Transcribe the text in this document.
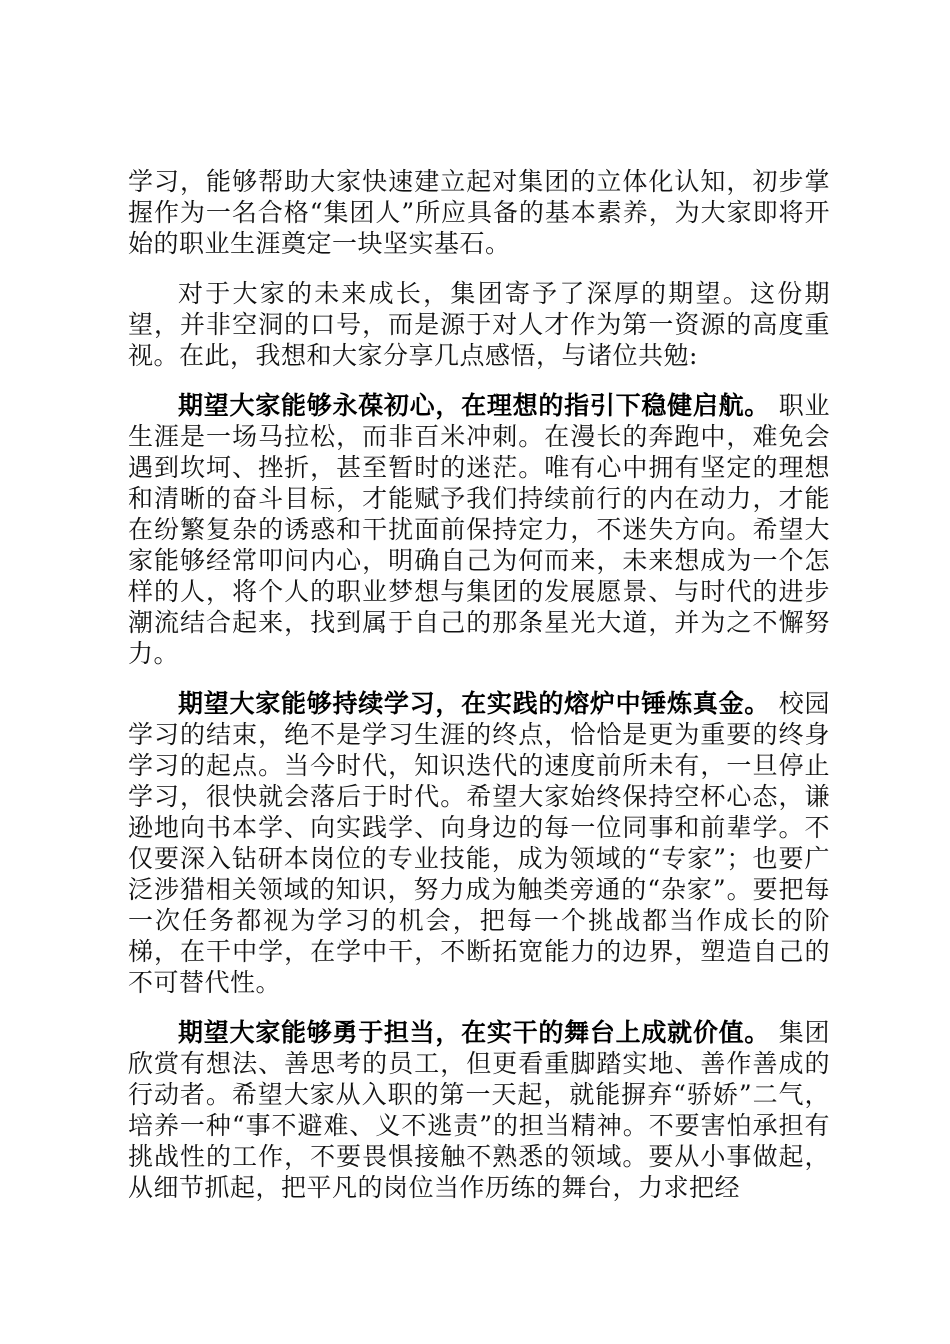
学习，能够帮助大家快速建立起对集团的立体化认知，初步掌握作为一名合格“集团人”所应具备的基本素养，为大家即将开始的职业生涯奠定一块坚实基石。

对于大家的未来成长，集团寄予了深厚的期望。这份期望，并非空洞的口号，而是源于对人才作为第一资源的高度重视。在此，我想和大家分享几点感悟，与诸位共勉:

期望大家能够永葆初心，在理想的指引下稳健启航。 职业生涯是一场马拉松，而非百米冲刺。在漫长的奔跑中，难免会遇到坎坷、挫折，甚至暂时的迷茫。唯有心中拥有坚定的理想和清晰的奋斗目标，才能赋予我们持续前行的内在动力，才能在纷繁复杂的诱惑和干扰面前保持定力，不迷失方向。希望大家能够经常叩问内心，明确自己为何而来，未来想成为一个怎样的人，将个人的职业梦想与集团的发展愿景、与时代的进步潮流结合起来，找到属于自己的那条星光大道，并为之不懈努力。

期望大家能够持续学习，在实践的熔炉中锤炼真金。 校园学习的结束，绝不是学习生涯的终点，恰恰是更为重要的终身学习的起点。当今时代，知识迭代的速度前所未有，一旦停止学习，很快就会落后于时代。希望大家始终保持空杯心态，谦逊地向书本学、向实践学、向身边的每一位同事和前辈学。不仅要深入钻研本岗位的专业技能，成为领域的“专家”；也要广泛涉猎相关领域的知识，努力成为触类旁通的“杂家”。要把每一次任务都视为学习的机会，把每一个挑战都当作成长的阶梯，在干中学，在学中干，不断拓宽能力的边界，塑造自己的不可替代性。

期望大家能够勇于担当，在实干的舞台上成就价值。 集团欣赏有想法、善思考的员工，但更看重脚踏实地、善作善成的行动者。希望大家从入职的第一天起，就能摒弃“骄娇”二气，培养一种“事不避难、义不逃责”的担当精神。不要害怕承担有挑战性的工作，不要畏惧接触不熟悉的领域。要从小事做起，从细节抓起，把平凡的岗位当作历练的舞台，力求把经
